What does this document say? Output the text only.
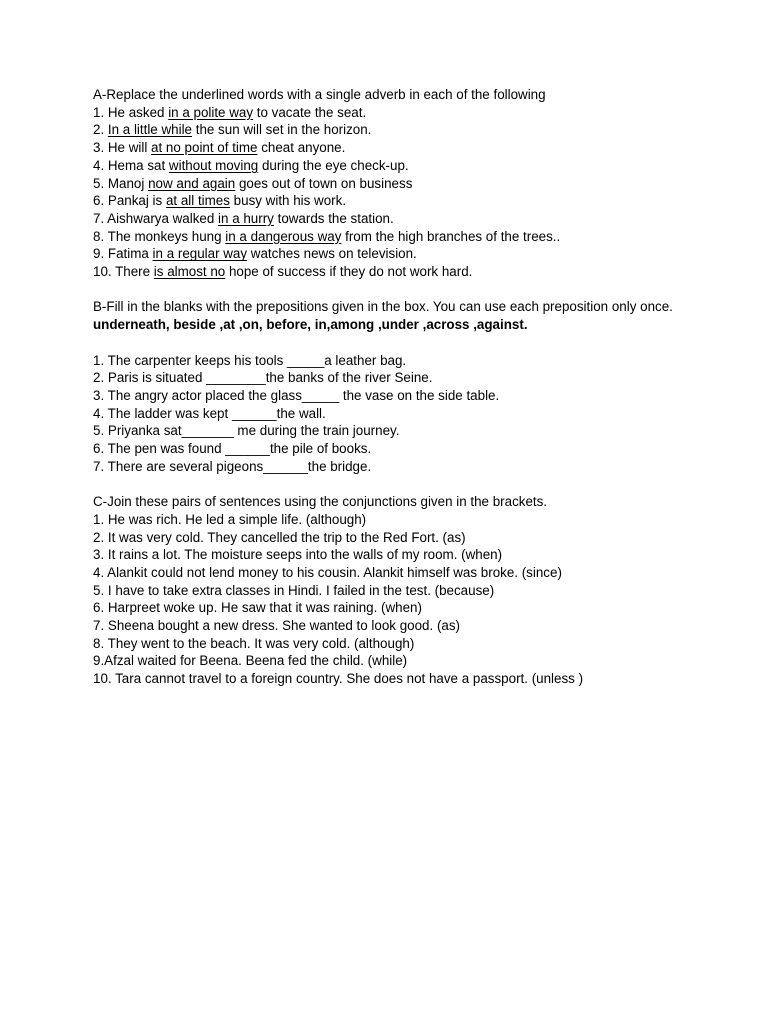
A-Replace the underlined words with a single adverb in each of the following
1. He asked in a polite way to vacate the seat.
2. In a little while the sun will set in the horizon.
3. He will at no point of time cheat anyone.
4. Hema sat without moving during the eye check-up.
5. Manoj now and again goes out of town on business
6. Pankaj is at all times busy with his work.
7. Aishwarya walked in a hurry towards the station.
8. The monkeys hung in a dangerous way from the high branches of the trees..
9. Fatima in a regular way watches news on television.
10. There is almost no hope of success if they do not work hard.
B-Fill in the blanks with the prepositions given in the box. You can use each preposition only once.
underneath, beside ,at ,on, before, in,among ,under ,across ,against.
1. The carpenter keeps his tools _____a leather bag.
2. Paris is situated ________the banks of the river Seine.
3. The angry actor placed the glass_____ the vase on the side table.
4. The ladder was kept ______the wall.
5. Priyanka sat_______ me during the train journey.
6. The pen was found ______the pile of books.
7. There are several pigeons______the bridge.
C-Join these pairs of sentences using the conjunctions given in the brackets.
1. He was rich. He led a simple life. (although)
2. It was very cold. They cancelled the trip to the Red Fort. (as)
3. It rains a lot. The moisture seeps into the walls of my room. (when)
4. Alankit could not lend money to his cousin. Alankit himself was broke. (since)
5. I have to take extra classes in Hindi. I failed in the test. (because)
6. Harpreet woke up. He saw that it was raining. (when)
7. Sheena bought a new dress. She wanted to look good. (as)
8. They went to the beach. It was very cold. (although)
9.Afzal waited for Beena. Beena fed the child. (while)
10. Tara cannot travel to a foreign country. She does not have a passport. (unless )
